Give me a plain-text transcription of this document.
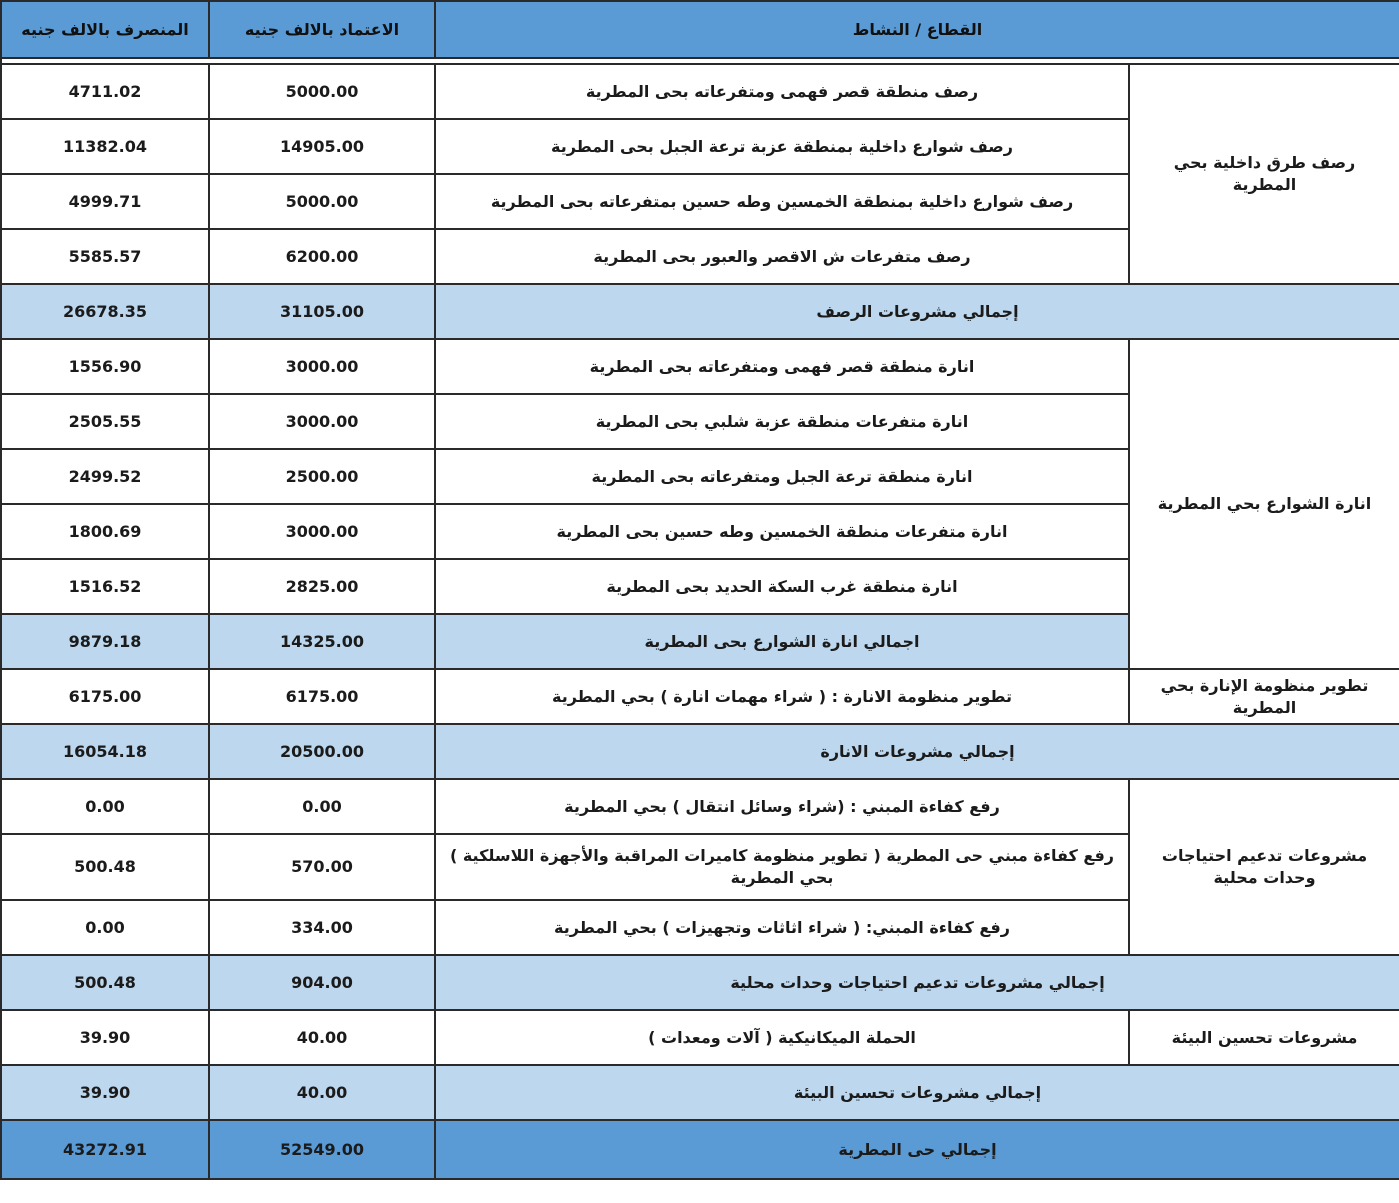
المنصرف بالالف جنيه	الاعتماد بالالف جنيه	القطاع / النشاط	

4711.02	5000.00	رصف منطقة قصر فهمى ومتفرعاته بحى المطرية	رصف طرق داخلية بحي المطرية
11382.04	14905.00	رصف شوارع داخلية بمنطقة عزبة ترعة الجبل بحى المطرية	
4999.71	5000.00	رصف شوارع داخلية بمنطقة الخمسين وطه حسين بمتفرعاته بحى المطرية	
5585.57	6200.00	رصف متفرعات ش الاقصر والعبور بحى المطرية	
26678.35	31105.00	إجمالي مشروعات الرصف	
1556.90	3000.00	انارة منطقة قصر فهمى ومتفرعاته بحى المطرية	انارة الشوارع بحي المطرية
2505.55	3000.00	انارة متفرعات منطقة عزبة شلبي بحى المطرية	
2499.52	2500.00	انارة منطقة ترعة الجبل ومتفرعاته بحى المطرية	
1800.69	3000.00	انارة متفرعات منطقة الخمسين وطه حسين بحى المطرية	
1516.52	2825.00	انارة منطقة غرب السكة الحديد بحى المطرية	
9879.18	14325.00	اجمالي انارة الشوارع بحى المطرية	
6175.00	6175.00	تطوير منظومة الانارة : ( شراء مهمات انارة ) بحي المطرية	تطوير منظومة الإنارة بحي المطرية
16054.18	20500.00	إجمالي مشروعات الانارة	
0.00	0.00	رفع كفاءة المبني : (شراء وسائل انتقال ) بحي المطرية	مشروعات تدعيم احتياجات وحدات محلية
500.48	570.00	رفع كفاءة مبني حى المطرية ( تطوير منظومة كاميرات المراقبة والأجهزة اللاسلكية ) بحي المطرية	
0.00	334.00	رفع كفاءة المبني: ( شراء اثاثات وتجهيزات ) بحي المطرية	
500.48	904.00	إجمالي مشروعات تدعيم احتياجات وحدات محلية	
39.90	40.00	الحملة الميكانيكية ( آلات ومعدات )	مشروعات تحسين البيئة
39.90	40.00	إجمالي مشروعات تحسين البيئة	
43272.91	52549.00	إجمالي حى المطرية	
